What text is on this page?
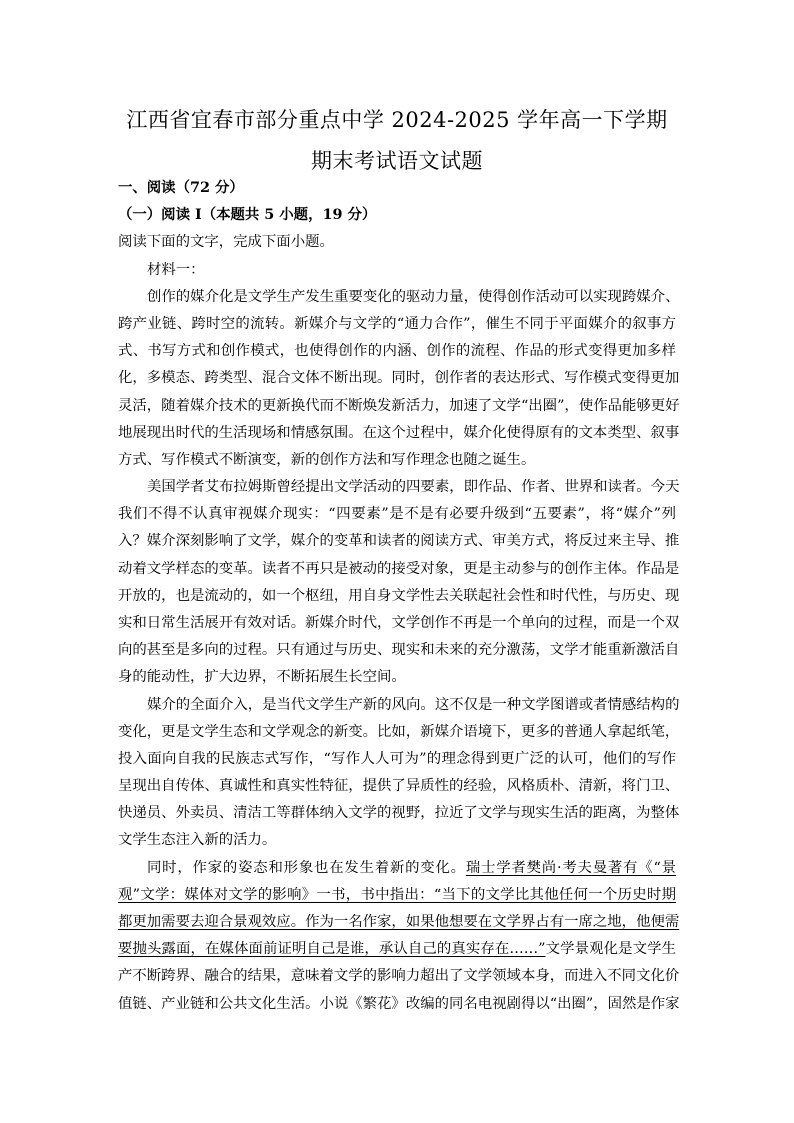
江西省宜春市部分重点中学 2024-2025 学年高一下学期
期末考试语文试题
一、阅读（72 分）
（一）阅读 I（本题共 5 小题，19 分）
阅读下面的文字，完成下面小题。
材料一：
创作的媒介化是文学生产发生重要变化的驱动力量，使得创作活动可以实现跨媒介、
跨产业链、跨时空的流转。新媒介与文学的“通力合作”，催生不同于平面媒介的叙事方
式、书写方式和创作模式，也使得创作的内涵、创作的流程、作品的形式变得更加多样
化，多模态、跨类型、混合文体不断出现。同时，创作者的表达形式、写作模式变得更加
灵活，随着媒介技术的更新换代而不断焕发新活力，加速了文学“出圈”，使作品能够更好
地展现出时代的生活现场和情感氛围。在这个过程中，媒介化使得原有的文本类型、叙事
方式、写作模式不断演变，新的创作方法和写作理念也随之诞生。
美国学者艾布拉姆斯曾经提出文学活动的四要素，即作品、作者、世界和读者。今天
我们不得不认真审视媒介现实：“四要素”是不是有必要升级到“五要素”，将“媒介”列
入？媒介深刻影响了文学，媒介的变革和读者的阅读方式、审美方式，将反过来主导、推
动着文学样态的变革。读者不再只是被动的接受对象，更是主动参与的创作主体。作品是
开放的，也是流动的，如一个枢纽，用自身文学性去关联起社会性和时代性，与历史、现
实和日常生活展开有效对话。新媒介时代，文学创作不再是一个单向的过程，而是一个双
向的甚至是多向的过程。只有通过与历史、现实和未来的充分激荡，文学才能重新激活自
身的能动性，扩大边界，不断拓展生长空间。
媒介的全面介入，是当代文学生产新的风向。这不仅是一种文学图谱或者情感结构的
变化，更是文学生态和文学观念的新变。比如，新媒介语境下，更多的普通人拿起纸笔，
投入面向自我的民族志式写作，“写作人人可为”的理念得到更广泛的认可，他们的写作
呈现出自传体、真诚性和真实性特征，提供了异质性的经验，风格质朴、清新，将门卫、
快递员、外卖员、清洁工等群体纳入文学的视野，拉近了文学与现实生活的距离，为整体
文学生态注入新的活力。
同时，作家的姿态和形象也在发生着新的变化。瑞士学者樊尚·考夫曼著有《“景
观”文学：媒体对文学的影响》一书，书中指出：“当下的文学比其他任何一个历史时期
都更加需要去迎合景观效应。作为一名作家，如果他想要在文学界占有一席之地，他便需
要抛头露面，在媒体面前证明自己是谁，承认自己的真实存在……”文学景观化是文学生
产不断跨界、融合的结果，意味着文学的影响力超出了文学领域本身，而进入不同文化价
值链、产业链和公共文化生活。小说《繁花》改编的同名电视剧得以“出圈”，固然是作家
